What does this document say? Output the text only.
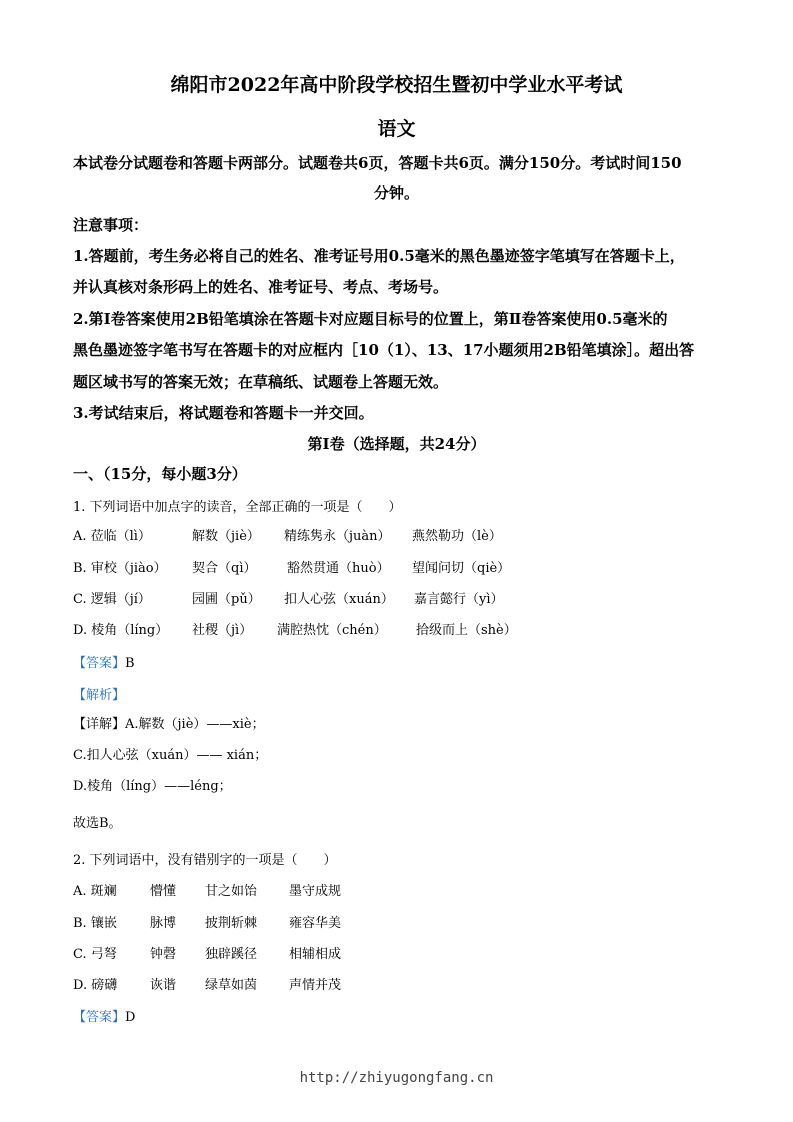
绵阳市2022年高中阶段学校招生暨初中学业水平考试
语文
本试卷分试题卷和答题卡两部分。试题卷共6页，答题卡共6页。满分150分。考试时间150
分钟。
注意事项：
1.答题前，考生务必将自己的姓名、准考证号用0.5毫米的黑色墨迹签字笔填写在答题卡上，
并认真核对条形码上的姓名、准考证号、考点、考场号。
2.第Ⅰ卷答案使用2B铅笔填涂在答题卡对应题目标号的位置上，第Ⅱ卷答案使用0.5毫米的
黑色墨迹签字笔书写在答题卡的对应框内［10（1）、13、17小题须用2B铅笔填涂］。超出答
题区域书写的答案无效；在草稿纸、试题卷上答题无效。
3.考试结束后，将试题卷和答题卡一并交回。
第Ⅰ卷（选择题，共24分）
一、（15分，每小题3分）
1. 下列词语中加点字的读音，全部正确的一项是（　　）
A. 莅临（lì）	解数（jiè） 精练隽永（juàn） 燕然勒功（lè）
B. 审校（jiào） 契合（qì） 豁然贯通（huò） 望闻问切（qiè）
C. 逻辑（jí）	园圃（pǔ） 扣人心弦（xuán） 嘉言懿行（yì）
D. 棱角（líng） 社稷（jì） 满腔热忱（chén） 拾级而上（shè）
【答案】B
【解析】
【详解】A.解数（jiè）——xiè；
C.扣人心弦（xuán）—— xián；
D.棱角（líng）——léng；
故选B。
2. 下列词语中，没有错别字的一项是（　　）
A. 斑斓	懵懂 甘之如饴 墨守成规
B. 镶嵌	脉博 披荆斩棘 雍容华美
C. 弓弩	钟磬 独辟蹊径 相辅相成
D. 磅礴	诙谐 绿草如茵 声情并茂
【答案】D
http://zhiyugongfang.cn
